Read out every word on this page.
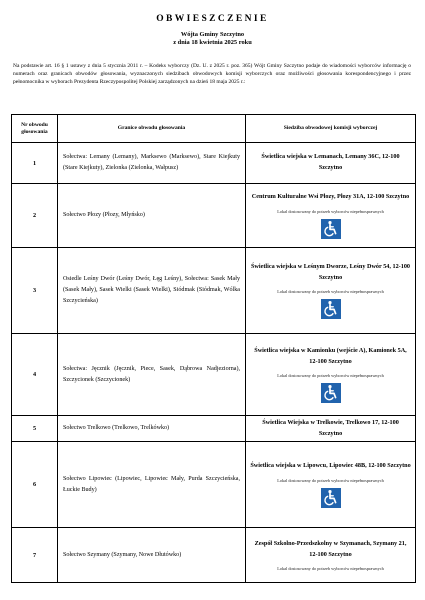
OBWIESZCZENIE
Wójta Gminy Szczytno
z dnia 18 kwietnia 2025 roku
Na podstawie art. 16 § 1 ustawy z dnia 5 stycznia 2011 r. – Kodeks wyborczy (Dz. U. z 2025 r. poz. 365) Wójt Gminy Szczytno podaje do wiadomości wyborców informację o numerach oraz granicach obwodów głosowania, wyznaczonych siedzibach obwodowych komisji wyborczych oraz możliwości głosowania korespondencyjnego i przez pełnomocnika w wyborach Prezydenta Rzeczypospolitej Polskiej zarządzonych na dzień 18 maja 2025 r.:
Nr obwodu głosowania	Granice obwodu głosowania	Siedziba obwodowej komisji wyborczej
1	Sołectwa: Lemany (Lemany), Marksewo (Marksewo), Stare Kiejkuty (Stare Kiejkuty), Zielonka (Zielonka, Wałpusz)	Świetlica wiejska w Lemanach, Lemany 36C, 12-100 Szczytno

2	Sołectwo Płozy (Płozy, Młyńsko)	Centrum Kulturalne Wsi Płozy, Płozy 31A, 12-100 Szczytno
Lokal dostosowany do potrzeb wyborców niepełnosprawnych

3	Osiedle Leśny Dwór (Leśny Dwór, Łęg Leśny), Sołectwa: Sasek Mały (Sasek Mały), Sasek Wielki (Sasek Wielki), Siódmak (Siódmak, Wólka Szczycieńska)	Świetlica wiejska w Leśnym Dworze, Leśny Dwór 54, 12-100 Szczytno
Lokal dostosowany do potrzeb wyborców niepełnosprawnych

4	Sołectwa: Jęcznik (Jęcznik, Piece, Sasek, Dąbrowa Nadjeziorna), Szczycionek (Szczycionek)	Świetlica wiejska w Kamionku (wejście A), Kamionek 5A, 12-100 Szczytno
Lokal dostosowany do potrzeb wyborców niepełnosprawnych

5	Sołectwo Trelkowo (Trelkowo, Trelkówko)	Świetlica Wiejska w Trelkowie, Trelkowo 17, 12-100 Szczytno

6	Sołectwo Lipowiec (Lipowiec, Lipowiec Mały, Purda Szczycieńska, Łuckie Budy)	Świetlica wiejska w Lipowcu, Lipowiec 48B, 12-100 Szczytno
Lokal dostosowany do potrzeb wyborców niepełnosprawnych

7	Sołectwo Szymany (Szymany, Nowe Dłutówko)	Zespół Szkolno-Przedszkolny w Szymanach, Szymany 21, 12-100 Szczytno
Lokal dostosowany do potrzeb wyborców niepełnosprawnych
